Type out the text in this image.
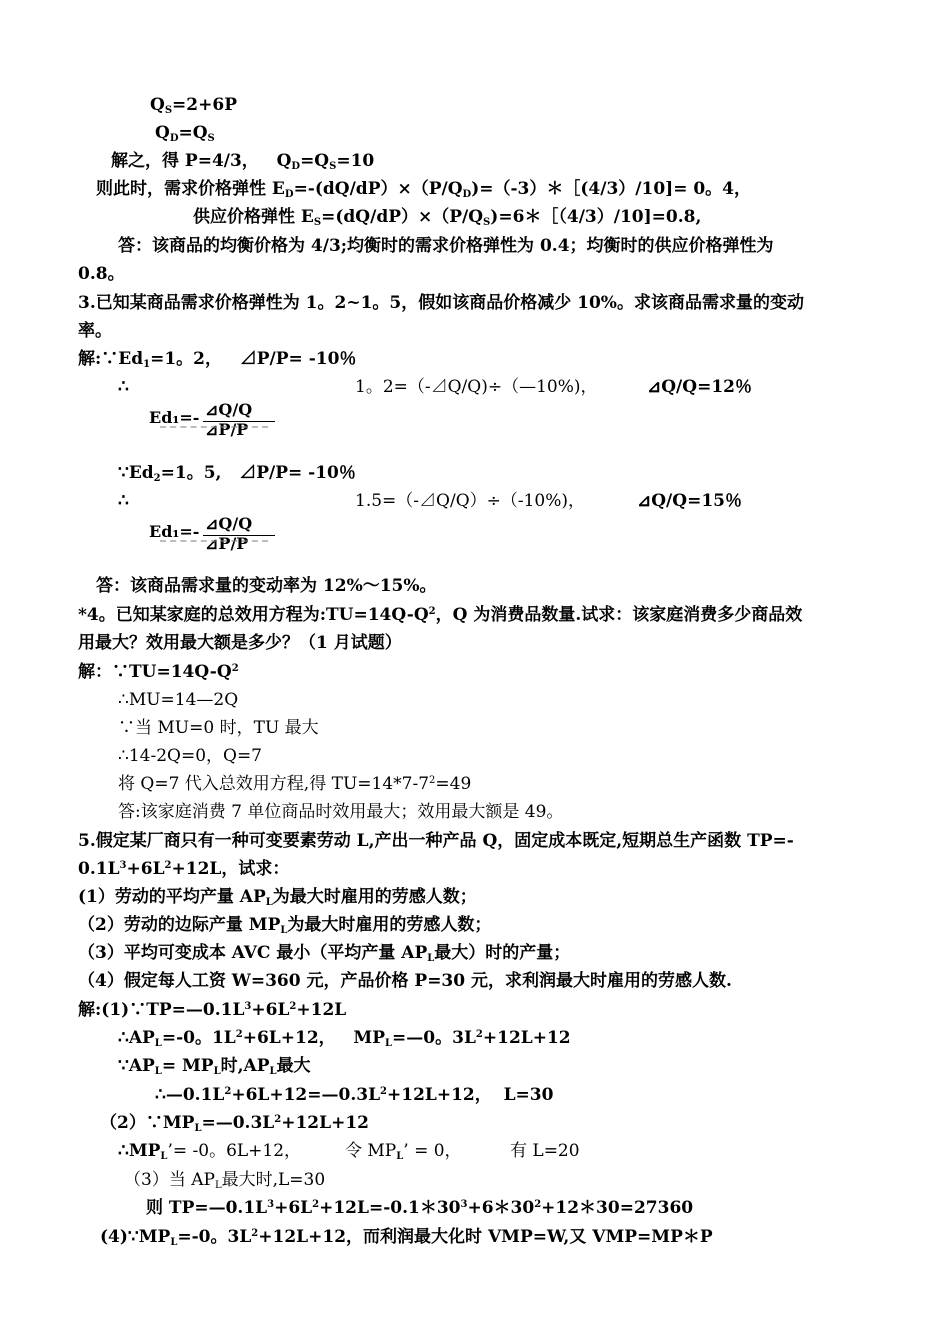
$Q_S=2+6P$
$Q_D=Q_S$
解之，得 P=4/3，   $Q_D=Q_S=10$
则此时，需求价格弹性 $E_D=-(dQ/dP)\times(P/Q_D)=(-3)*[(4/3)/10]= 0$。4，
供应价格弹性 $E_S=(dQ/dP)\times(P/Q_S)=6*[(4/3)/10]=0.8$,
答：该商品的均衡价格为 4/3;均衡时的需求价格弹性为 0.4；均衡时的供应价格弹性为
0.8。
3.已知某商品需求价格弹性为 1。2~1。5，假如该商品价格减少 10%。求该商品需求量的变动
率。
解$:\because Ed_1=1$。2，   ⊿P/P= -10％
∴	1。2=（-⊿Q/Q)÷（—10%)，	⊿Q/Q=12％
Ed₁=- ⊿Q/Q
⊿P/P
$\because Ed_2=1$。5,   ⊿P/P= -10％
∴	1.5=（-⊿Q/Q）÷（-10%)，	⊿Q/Q=15％
Ed₁=- ⊿Q/Q
⊿P/P
答：该商品需求量的变动率为 12%～15%。
*4。已知某家庭的总效用方程为$:TU=14Q-Q^2$，Q 为消费品数量.试求：该家庭消费多少商品效
用最大？效用最大额是多少？（1 月试题）
解：$\because TU=14Q-Q^2$
∴MU=14—2Q
∵当 MU=0 时，TU 最大
∴14-2Q=0，Q=7
将 Q=7 代入总效用方程,得 $TU=14*7-7^2=49$
答:该家庭消费 7 单位商品时效用最大；效用最大额是 49。
5.假定某厂商只有一种可变要素劳动 L,产出一种产品 Q，固定成本既定,短期总生产函数 TP=-
$0.1L^3+6L^2+12L$，试求：
(1）劳动的平均产量 $AP_L$为最大时雇用的劳感人数；
（2）劳动的边际产量 $MP_L$为最大时雇用的劳感人数；
（3）平均可变成本 AVC 最小（平均产量 $AP_L$最大）时的产量；
（4）假定每人工资 W=360 元，产品价格 P=30 元，求利润最大时雇用的劳感人数.
解$:(1)\because TP=—0.1L^3+6L^2+12L$
$\therefore AP_L=-0$。$1L^2+6L+12$，   $MP_L=—0$。$3L^2+12L+12$
$\because AP_L= MP_L$时$,AP_L$最大
$\therefore—0.1L^2+6L+12=—0.3L^2+12L+12$，  L=30
$(2)\because MP_L=—0.3L^2+12L+12$
$\therefore MP_L’= -0$。6L+12，	令 $MP_L$’ = 0，	有 L=20
（3）当 $AP_L$最大时,L=30
则 $TP=—0.1L^3+6L^2+12L=-0.1*30^3+6*30^2+12*30=27360$
$(4)\because MP_L=-0$。$3L^2+12L+12$，而利润最大化时 VMP=W,又 VMP=MP＊P
